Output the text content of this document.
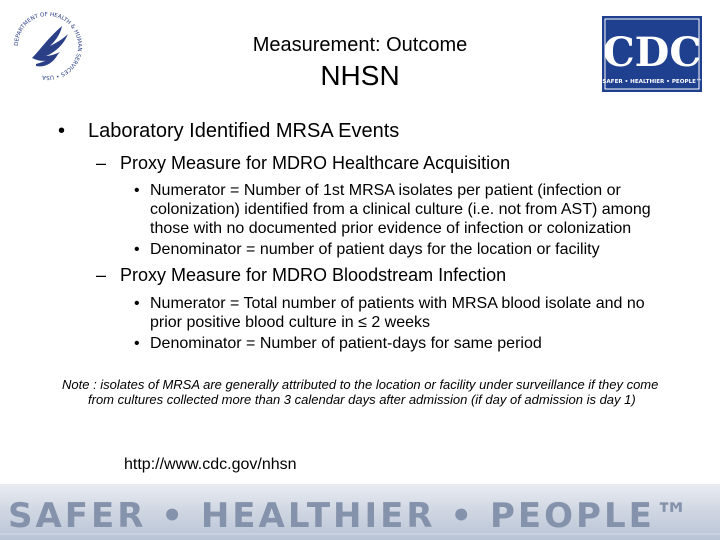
DEPARTMENT OF HEALTH & HUMAN SERVICES • USA
CDC
SAFER • HEALTHIER • PEOPLE™
Measurement: Outcome
NHSN
• Laboratory Identified MRSA Events
– Proxy Measure for MDRO Healthcare Acquisition
• Numerator = Number of 1st MRSA isolates per patient (infection or colonization) identified from a clinical culture (i.e. not from AST) among those with no documented prior evidence of infection or colonization
• Denominator = number of patient days for the location or facility
– Proxy Measure for MDRO Bloodstream Infection
• Numerator = Total number of patients with MRSA blood isolate and no prior positive blood culture in ≤ 2 weeks
• Denominator = Number of patient-days for same period
Note : isolates of MRSA are generally attributed to the location or facility under surveillance if they come from cultures collected more than 3 calendar days after admission (if day of admission is day 1)
http://www.cdc.gov/nhsn
SAFER • HEALTHIER • PEOPLE™
